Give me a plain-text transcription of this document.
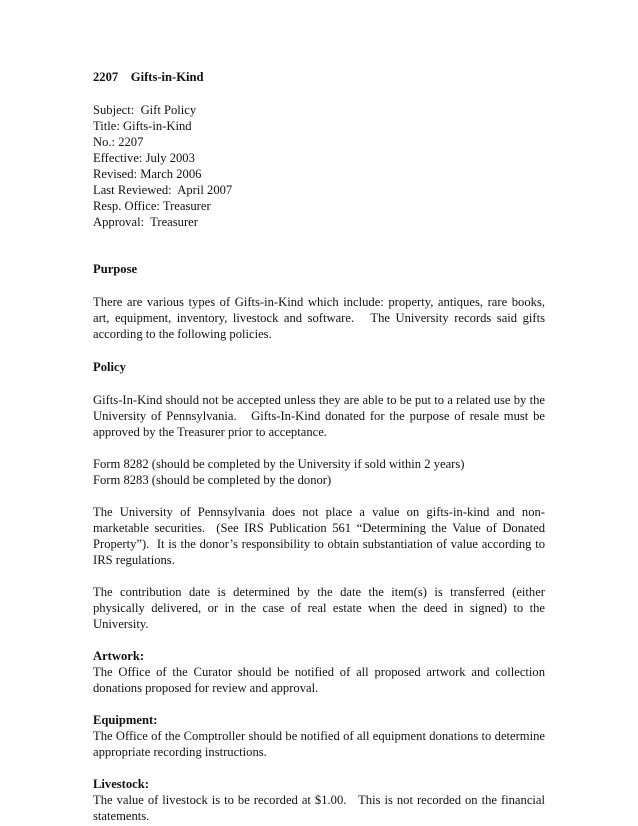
2207    Gifts-in-Kind
Subject:  Gift Policy
Title: Gifts-in-Kind
No.: 2207
Effective: July 2003
Revised: March 2006
Last Reviewed:  April 2007
Resp. Office: Treasurer
Approval:  Treasurer
Purpose

There are various types of Gifts-in-Kind which include: property, antiques, rare books, art, equipment, inventory, livestock and software.   The University records said gifts according to the following policies.

Policy

Gifts-In-Kind should not be accepted unless they are able to be put to a related use by the University of Pennsylvania.   Gifts-In-Kind donated for the purpose of resale must be approved by the Treasurer prior to acceptance.

Form 8282 (should be completed by the University if sold within 2 years)

Form 8283 (should be completed by the donor)

The University of Pennsylvania does not place a value on gifts-in-kind and non-marketable securities.  (See IRS Publication 561 “Determining the Value of Donated Property”).  It is the donor’s responsibility to obtain substantiation of value according to IRS regulations.

The contribution date is determined by the date the item(s) is transferred (either physically delivered, or in the case of real estate when the deed in signed) to the University.

Artwork:

The Office of the Curator should be notified of all proposed artwork and collection donations proposed for review and approval.

Equipment:

The Office of the Comptroller should be notified of all equipment donations to determine appropriate recording instructions.

Livestock:

The value of livestock is to be recorded at $1.00.   This is not recorded on the financial statements.
